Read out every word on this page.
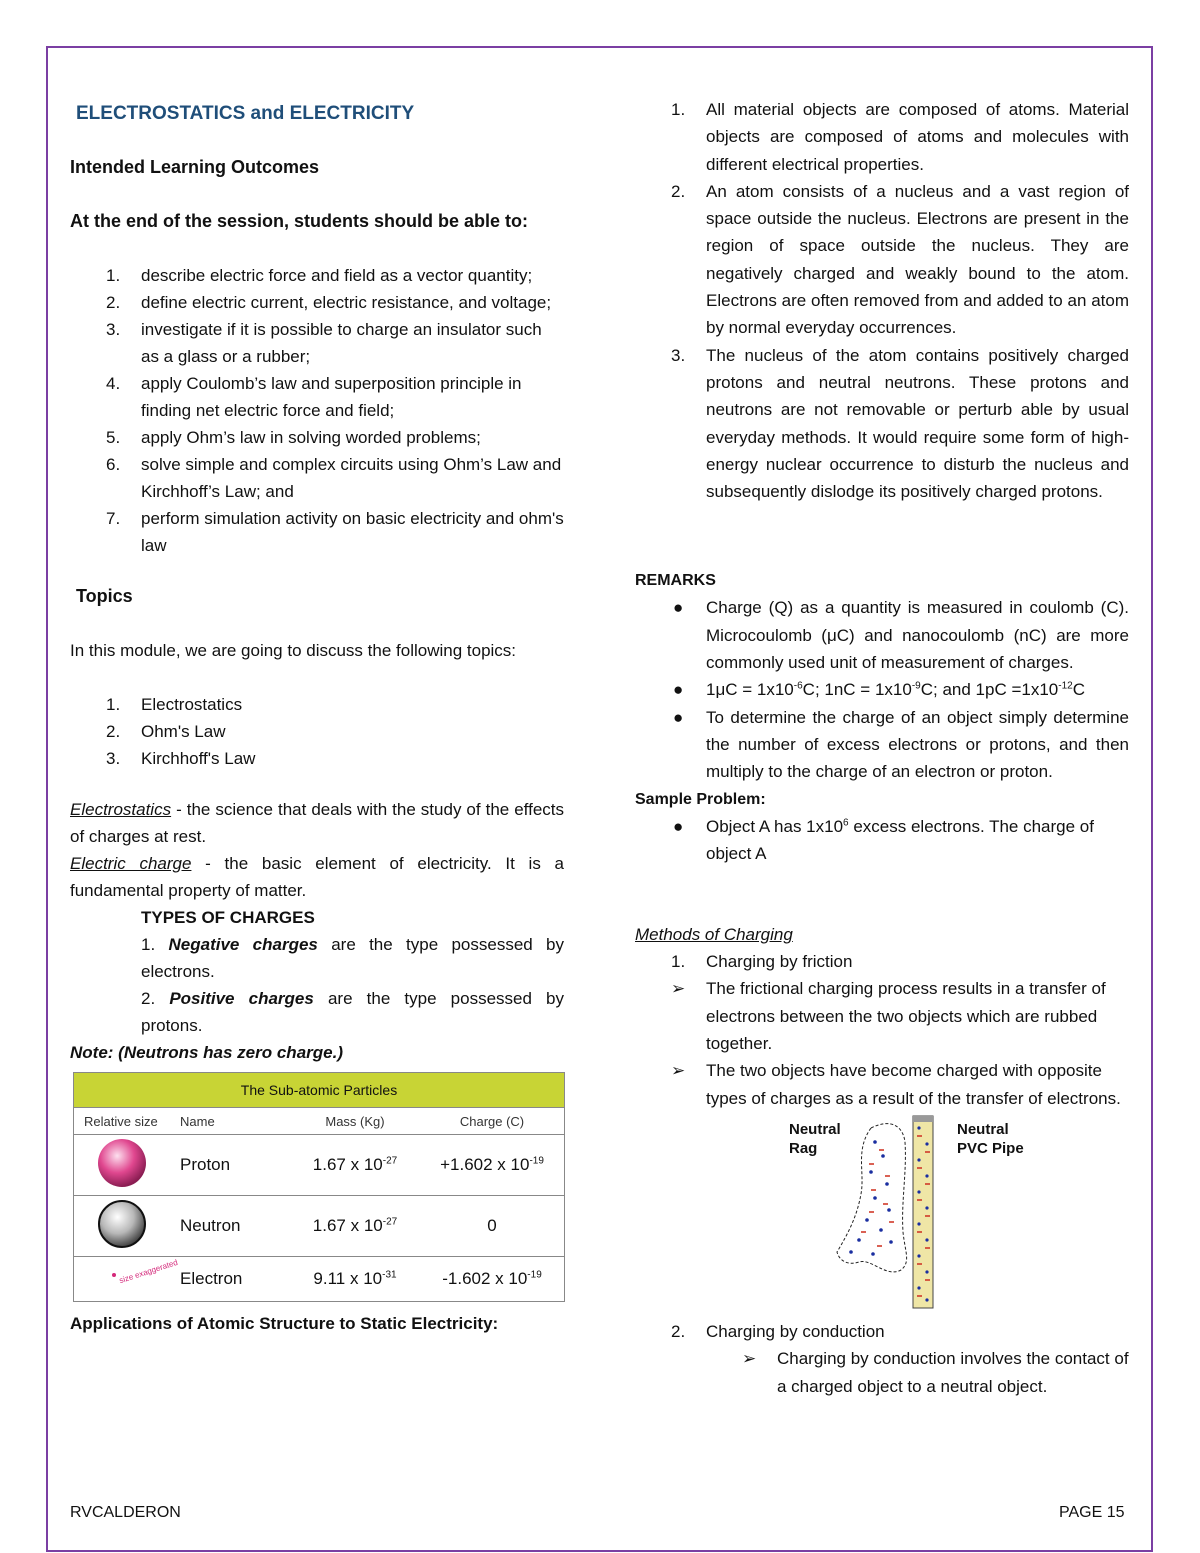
ELECTROSTATICS and ELECTRICITY

Intended Learning Outcomes

At the end of the session, students should be able to:

1. describe electric force and field as a vector quantity;
2. define electric current, electric resistance, and voltage;
3. investigate if it is possible to charge an insulator such as a glass or a rubber;
4. apply Coulomb’s law and superposition principle in finding net electric force and field;
5. apply Ohm’s law in solving worded problems;
6. solve simple and complex circuits using Ohm’s Law and Kirchhoff’s Law; and
7. perform simulation activity on basic electricity and ohm's law

Topics

In this module, we are going to discuss the following topics:

1. Electrostatics
2. Ohm's Law
3. Kirchhoff's Law

Electrostatics - the science that deals with the study of the effects of charges at rest.

Electric charge - the basic element of electricity. It is a fundamental property of matter.

TYPES OF CHARGES

1. Negative charges are the type possessed by electrons.

2. Positive charges are the type possessed by protons.

Note: (Neutrons has zero charge.)

The Sub-atomic Particles			
Relative size	Name	Mass (Kg)	Charge (C)
	Proton	1.67 x $10^{-27}$	+1.602 x $10^{-19}$
	Neutron	1.67 x $10^{-27}$	0

size exaggerated	Electron	9.11 x $10^{-31}$	-1.602 x $10^{-19}$

Applications of Atomic Structure to Static Electricity:

1. All material objects are composed of atoms. Material objects are composed of atoms and molecules with different electrical properties.
2. An atom consists of a nucleus and a vast region of space outside the nucleus. Electrons are present in the region of space outside the nucleus. They are negatively charged and weakly bound to the atom. Electrons are often removed from and added to an atom by normal everyday occurrences.
3. The nucleus of the atom contains positively charged protons and neutral neutrons. These protons and neutrons are not removable or perturb able by usual everyday methods. It would require some form of high-energy nuclear occurrence to disturb the nucleus and subsequently dislodge its positively charged protons.

REMARKS

● Charge (Q) as a quantity is measured in coulomb (C). Microcoulomb (μC) and nanocoulomb (nC) are more commonly used unit of measurement of charges.
● $1\mu C = 1x10^{-6}C$; $1nC = 1x10^{-9}C$; and $1pC =1x10^{-12}C$
● To determine the charge of an object simply determine the number of excess electrons or protons, and then multiply to the charge of an electron or proton.

Sample Problem:

● Object A has $1x10^6$ excess electrons. The charge of object A

Methods of Charging

1. Charging by friction
➢ The frictional charging process results in a transfer of electrons between the two objects which are rubbed together.
➢ The two objects have become charged with opposite types of charges as a result of the transfer of electrons.
Neutral
Rag
Neutral
PVC Pipe
2. Charging by conduction
➢ Charging by conduction involves the contact of a charged object to a neutral object.
RVCALDERON	PAGE 15
